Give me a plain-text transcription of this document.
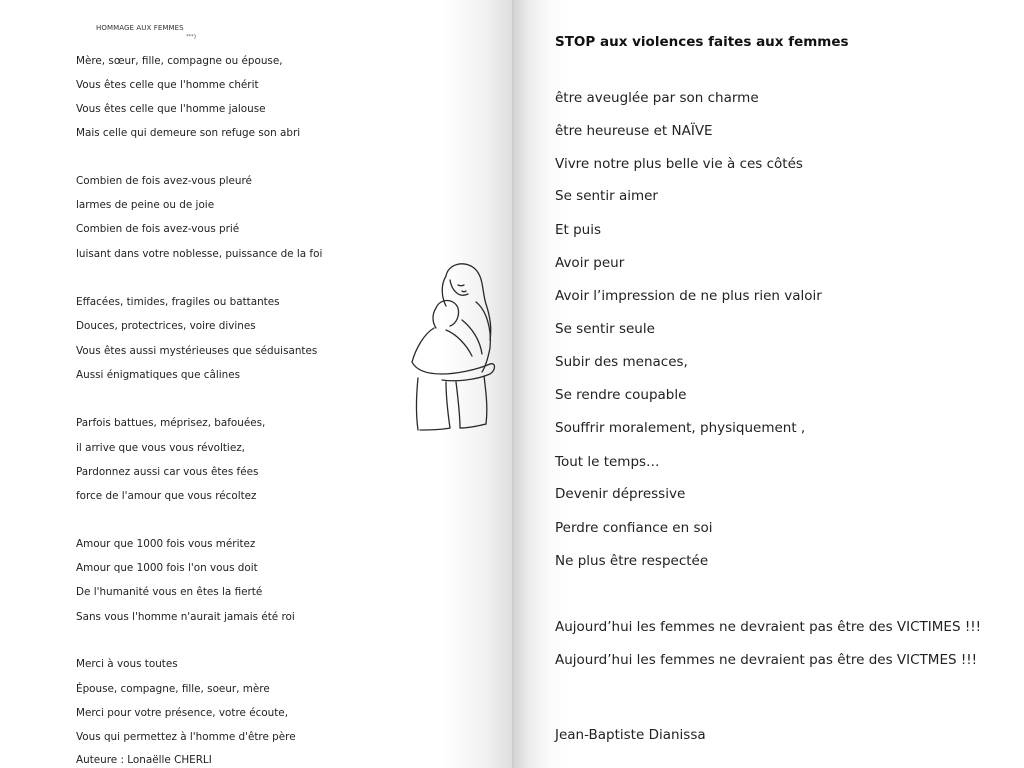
HOMMAGE AUX FEMMES
***}
Mère, sœur, fille, compagne ou épouse,
Vous êtes celle que l'homme chérit
Vous êtes celle que l'homme jalouse
Mais celle qui demeure son refuge son abri
Combien de fois avez-vous pleuré
larmes de peine ou de joie
Combien de fois avez-vous prié
luisant dans votre noblesse, puissance de la foi
Effacées, timides, fragiles ou battantes
Douces, protectrices, voire divines
Vous êtes aussi mystérieuses que séduisantes
Aussi énigmatiques que câlines
Parfois battues, méprisez, bafouées,
il arrive que vous vous révoltiez,
Pardonnez aussi car vous êtes fées
force de l'amour que vous récoltez
Amour que 1000 fois vous méritez
Amour que 1000 fois l'on vous doit
De l'humanité vous en êtes la fierté
Sans vous l'homme n'aurait jamais été roi
Merci à vous toutes
Épouse, compagne, fille, soeur, mère
Merci pour votre présence, votre écoute,
Vous qui permettez à l'homme d'être père
Auteure : Lonaëlle CHERLI
STOP aux violences faites aux femmes
être aveuglée par son charme
être heureuse et NAÏVE
Vivre notre plus belle vie à ces côtés
Se sentir aimer
Et puis
Avoir peur
Avoir l’impression de ne plus rien valoir
Se sentir seule
Subir des menaces,
Se rendre coupable
Souffrir moralement, physiquement ,
Tout le temps…
Devenir dépressive
Perdre confiance en soi
Ne plus être respectée
Aujourd’hui les femmes ne devraient pas être des VICTIMES !!!
Aujourd’hui les femmes ne devraient pas être des VICTMES !!!
Jean-Baptiste Dianissa
